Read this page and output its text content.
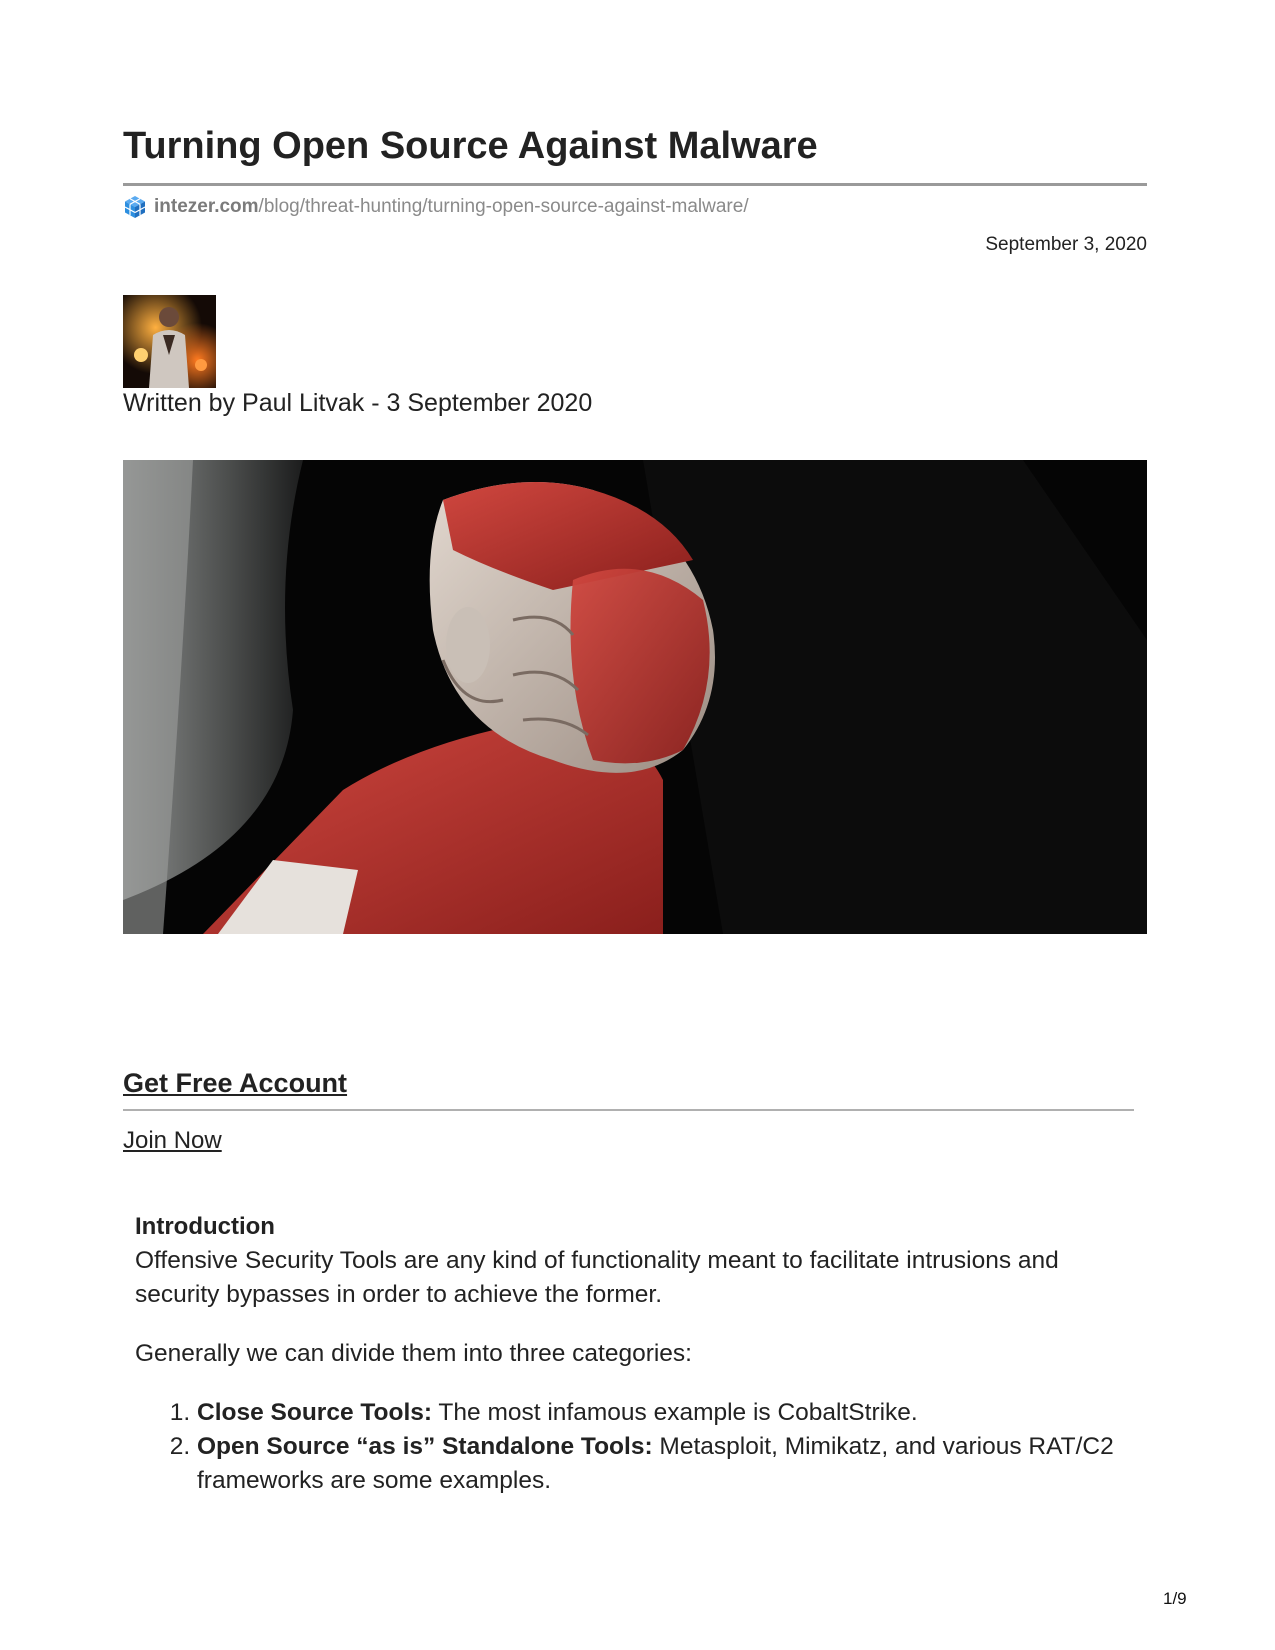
Turning Open Source Against Malware
intezer.com /blog/threat-hunting/turning-open-source-against-malware/
September 3, 2020
Written by Paul Litvak - 3 September 2020
Get Free Account
Join Now
Introduction

Offensive Security Tools are any kind of functionality meant to facilitate intrusions and security bypasses in order to achieve the former.

Generally we can divide them into three categories:

1. Close Source Tools: The most infamous example is CobaltStrike.
2. Open Source “as is” Standalone Tools: Metasploit, Mimikatz, and various RAT/C2 frameworks are some examples.
1/9
